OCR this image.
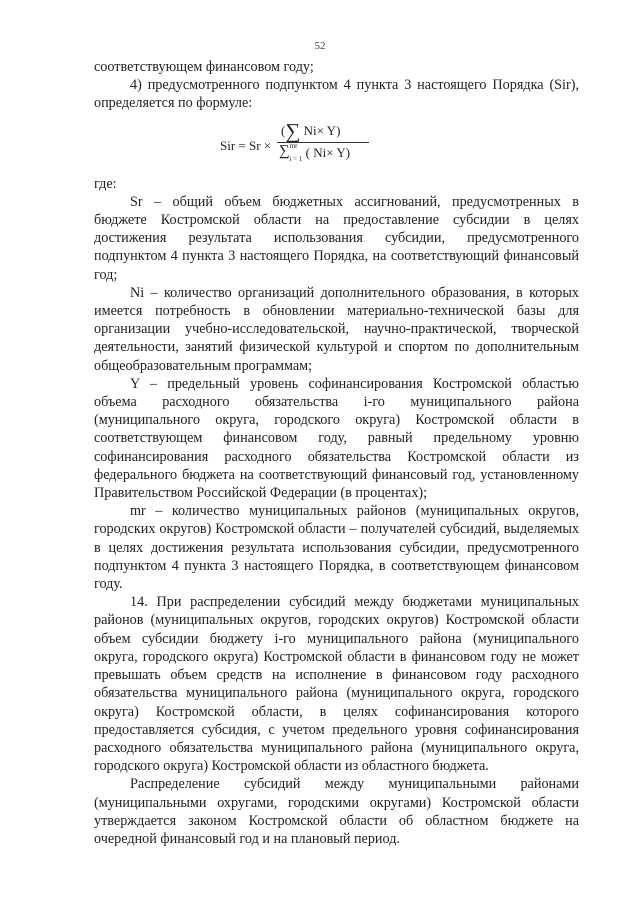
52

соответствующем финансовом году;

4) предусмотренного подпунктом 4 пункта 3 настоящего Порядка (Sir), определяется по формуле:

Sir = Sr ×
(∑ Ni× Y)
∑$^{mr}_{i = 1}$ ( Ni× Y)

где:

Sr – общий объем бюджетных ассигнований, предусмотренных в бюджете Костромской области на предоставление субсидии в целях достижения результата использования субсидии, предусмотренного подпунктом 4 пункта 3 настоящего Порядка, на соответствующий финансовый год;

Ni – количество организаций дополнительного образования, в которых имеется потребность в обновлении материально-технической базы для организации учебно-исследовательской, научно-практической, творческой деятельности, занятий физической культурой и спортом по дополнительным общеобразовательным программам;

Y – предельный уровень софинансирования Костромской областью объема расходного обязательства i-го муниципального района (муниципального округа, городского округа) Костромской области в соответствующем финансовом году, равный предельному уровню софинансирования расходного обязательства Костромской области из федерального бюджета на соответствующий финансовый год, установленному Правительством Российской Федерации (в процентах);

mr – количество муниципальных районов (муниципальных округов, городских округов) Костромской области – получателей субсидий, выделяемых в целях достижения результата использования субсидии, предусмотренного подпунктом 4 пункта 3 настоящего Порядка, в соответствующем финансовом году.

14. При распределении субсидий между бюджетами муниципальных районов (муниципальных округов, городских округов) Костромской области объем субсидии бюджету i-го муниципального района (муниципального округа, городского округа) Костромской области в финансовом году не может превышать объем средств на исполнение в финансовом году расходного обязательства муниципального района (муниципального округа, городского округа) Костромской области, в целях софинансирования которого предоставляется субсидия, с учетом предельного уровня софинансирования расходного обязательства муниципального района (муниципального округа, городского округа) Костромской области из областного бюджета.

Распределение субсидий между муниципальными районами (муниципальными охругами, городскими округами) Костромской области утверждается законом Костромской области об областном бюджете на очередной финансовый год и на плановый период.
